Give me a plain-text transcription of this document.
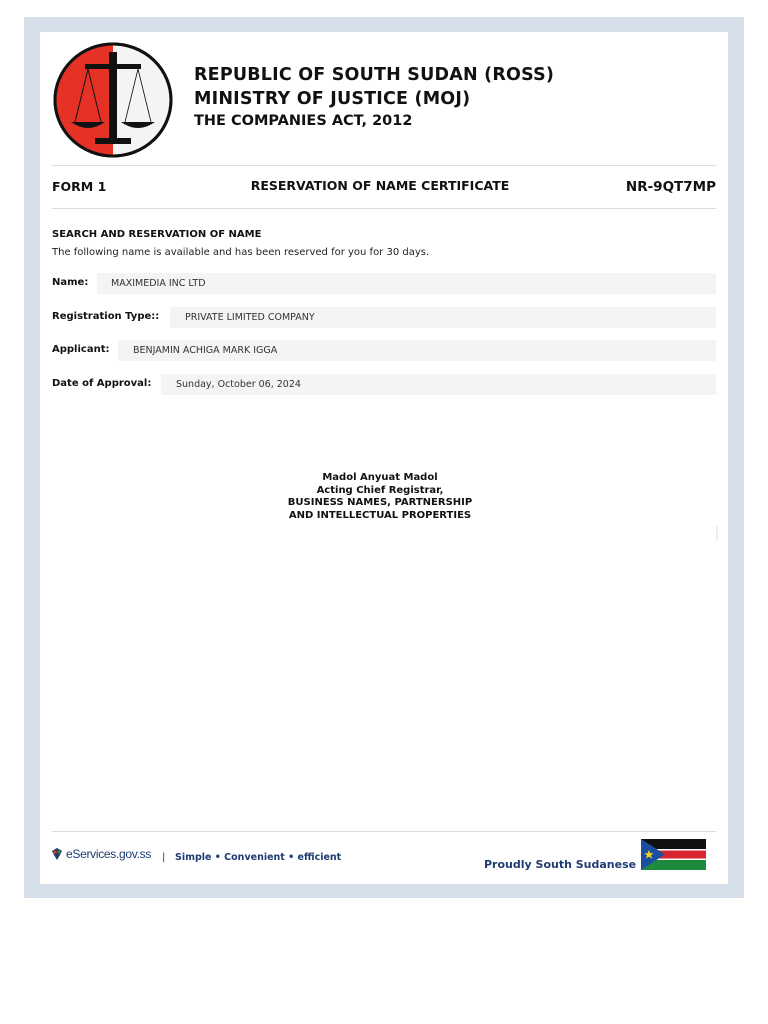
REPUBLIC OF SOUTH SUDAN (ROSS)
MINISTRY OF JUSTICE (MOJ)
THE COMPANIES ACT, 2012
FORM 1	RESERVATION OF NAME CERTIFICATE	NR-9QT7MP
SEARCH AND RESERVATION OF NAME
The following name is available and has been reserved for you for 30 days.
Name:	MAXIMEDIA INC LTD
Registration Type::	PRIVATE LIMITED COMPANY
Applicant:	BENJAMIN ACHIGA MARK IGGA
Date of Approval:	Sunday, October 06, 2024
Madol Anyuat Madol
Acting Chief Registrar,
BUSINESS NAMES, PARTNERSHIP
AND INTELLECTUAL PROPERTIES
eServices.gov.ss | Simple • Convenient • efficient
Proudly South Sudanese
